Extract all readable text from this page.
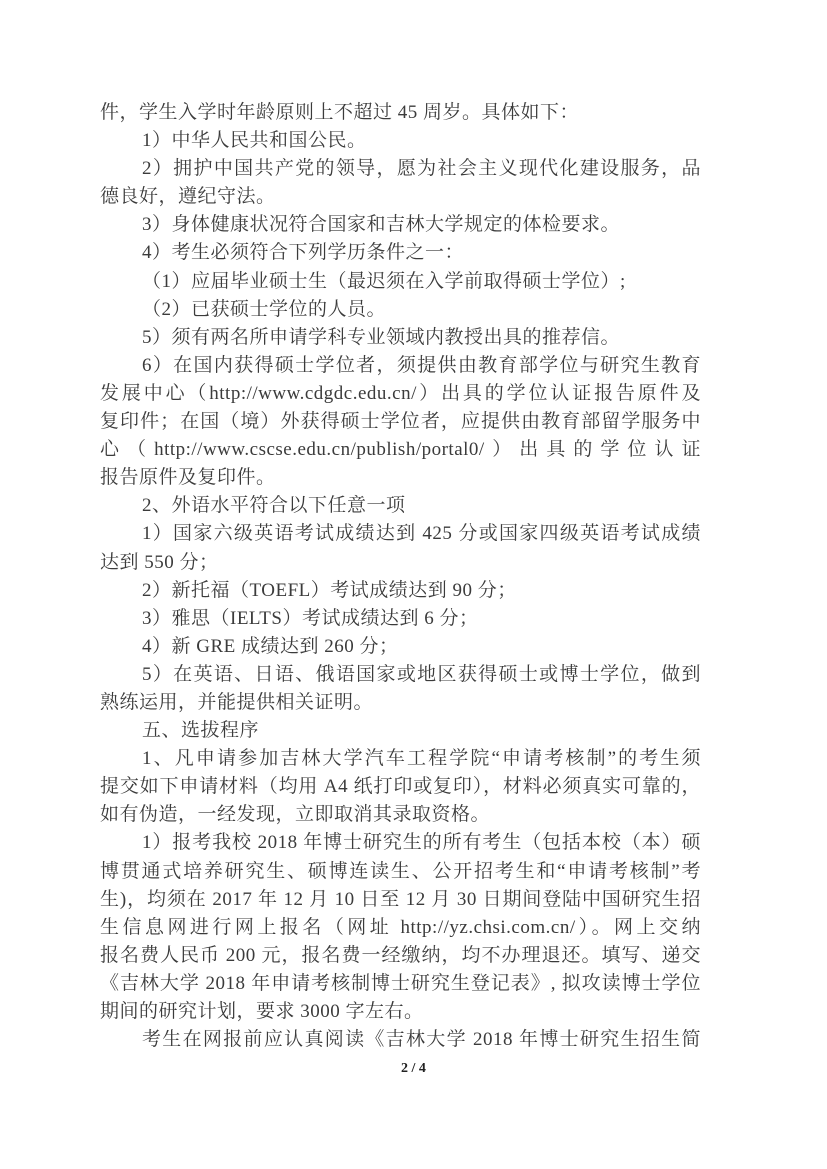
件，学生入学时年龄原则上不超过 45 周岁。具体如下：
1）中华人民共和国公民。
2）拥护中国共产党的领导，愿为社会主义现代化建设服务，品
德良好，遵纪守法。
3）身体健康状况符合国家和吉林大学规定的体检要求。
4）考生必须符合下列学历条件之一：
（1）应届毕业硕士生（最迟须在入学前取得硕士学位）;
（2）已获硕士学位的人员。
5）须有两名所申请学科专业领域内教授出具的推荐信。
6）在国内获得硕士学位者，须提供由教育部学位与研究生教育
发展中心（http://www.cdgdc.edu.cn/）出具的学位认证报告原件及
复印件；在国（境）外获得硕士学位者，应提供由教育部留学服务中
心（http://www.cscse.edu.cn/publish/portal0/）出具的学位认证
报告原件及复印件。
2、外语水平符合以下任意一项
1）国家六级英语考试成绩达到 425 分或国家四级英语考试成绩
达到 550 分；
2）新托福（TOEFL）考试成绩达到 90 分；
3）雅思（IELTS）考试成绩达到 6 分；
4）新 GRE 成绩达到 260 分；
5）在英语、日语、俄语国家或地区获得硕士或博士学位，做到
熟练运用，并能提供相关证明。
五、选拔程序
1、凡申请参加吉林大学汽车工程学院“申请考核制”的考生须
提交如下申请材料（均用 A4 纸打印或复印），材料必须真实可靠的，
如有伪造，一经发现，立即取消其录取资格。
1）报考我校 2018 年博士研究生的所有考生（包括本校（本）硕
博贯通式培养研究生、硕博连读生、公开招考生和“申请考核制”考
生)，均须在 2017 年 12 月 10 日至 12 月 30 日期间登陆中国研究生招
生信息网进行网上报名（网址 http://yz.chsi.com.cn/）。网上交纳
报名费人民币 200 元，报名费一经缴纳，均不办理退还。填写、递交
《吉林大学 2018 年申请考核制博士研究生登记表》, 拟攻读博士学位
期间的研究计划，要求 3000 字左右。
考生在网报前应认真阅读《吉林大学 2018 年博士研究生招生简
2 / 4
